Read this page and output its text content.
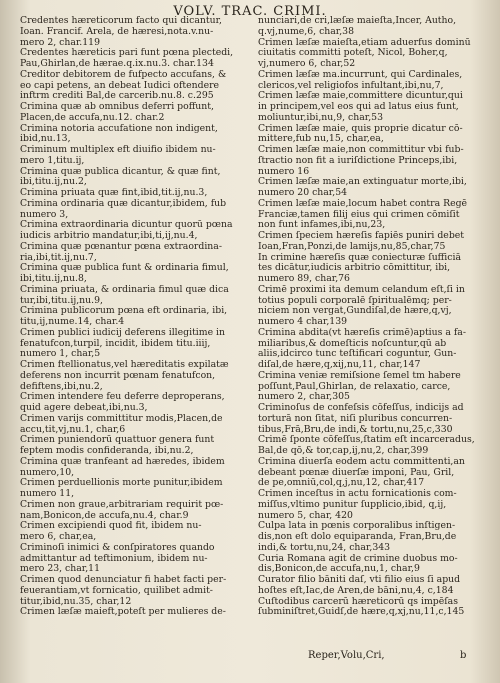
VOLV. TRAC. CRIMI.
Credentes hæreticorum facto qui dicantur,
Ioan. Francif. Arela, de hæresi,nota.v.nu-
mero 2, char.119
Credentes hæreticis pari funt pœna plectedi,
Pau,Ghirlan,de hærae.q.ix.nu.3. char.134
Creditor debitorem de fufpecto accufans, &
eo capi petens, an debeat Iudici oftendere
inftrm crediti Bal,de carcerib.nu.8. c.295
Crimina quæ ab omnibus deferri poffunt,
Placen,de accufa,nu.12. char.2
Crimina notoria accufatione non indigent,
ibid,nu.13,
Criminum multiplex eft diuifio ibidem nu-
mero 1,titu.ij,
Crimina quæ publica dicantur, & quæ fint,
ibi,titu.ij,nu.2,
Crimina priuata quæ fint,ibid,tit.ij,nu.3,
Crimina ordinaria quæ dicantur,ibidem, fub
numero 3,
Crimina extraordinaria dicuntur quorū pœna
iudicis arbitrio mandatur,ibi,ti,ij,nu.4,
Crimina quæ pœnantur pœna extraordina-
ria,ibi,tit.ij,nu.7,
Crimina quæ publica funt & ordinaria fimul,
ibi,titu.ij,nu.8,
Crimina priuata, & ordinaria fimul quæ dica
tur,ibi,titu.ij,nu.9,
Crimina publicorum pœna eft ordinaria, ibi,
titu,ij,nume.14, char.4
Crimen publici iudicij deferens illegitime in
fenatufcon,turpil, incidit, ibidem titu.iiij,
numero 1, char,5
Crimen ftellionatus,vel hæreditatis expilatæ
deferens non incurrit pœnam fenatufcon,
defiftens,ibi,nu.2,
Crimen intendere feu deferre deproperans,
quid agere debeat,ibi,nu.3,
Crimen varijs committitur modis,Placen,de
accu,tit,vj,nu.1, char,6
Crimen puniendorū quattuor genera funt
feptem modis confideranda, ibi,nu.2,
Crimina quæ tranfeant ad hæredes, ibidem
numero,10,
Crimen perduellionis morte punitur,ibidem
numero 11,
Crimen non graue,arbitrariam requirit pœ-
nam,Bonicon,de accufa,nu.4, char.9
Crimen excipiendi quod fit, ibidem nu-
mero 6, char,ea,
Criminoſi inimici & conſpiratores quando
admittantur ad teftimonium, ibidem nu-
mero 23, char,11
Crimen quod denunciatur fi habet facti per-
feuerantiam,vt fornicatio, quilibet admit-
titur,ibid,nu.35, char,12
Crimen læſæ maieft,poteſt per mulieres de-
nunciari,de cri,læſæ maieſta,Incer, Autho,
q.vj,nume,6, char,38
Crimen læſæ maieſta,etiam aduerfus dominū
ciuitatis committi poteſt, Nicol, Boher,q,
vj,numero 6, char,52
Crimen læſæ ma.incurrunt, qui Cardinales,
clericos,vel religiofos infultant,ibi,nu,7,
Crimen læſæ maie,committere dicuntur,qui
in principem,vel eos qui ad latus eius funt,
moliuntur,ibi,nu,9, char,53
Crimen læſæ maie, quis proprie dicatur cō-
mittere,fub nu,15, char,ea,
Crimen læſæ maie,non committitur vbi fub-
ſtractio non fit a iuriſdictione Princeps,ibi,
numero 16
Crimen læſæ maie,an extinguatur morte,ibi,
numero 20 char,54
Crimen læſæ maie,locum habet contra Regē
Franciæ,tamen filij eius qui crimen cōmiſit
non funt infames,ibi,nu,23,
Crimen ſpeciem hæreſis fapiēs puniri debet
Ioan,Fran,Ponzi,de lamijs,nu,85,char,75
In crimine hæreſis quæ coniecturæ ſufficiā
tes dicātur,iudicis arbitrio cōmittitur, ibi,
numero 89, char,76
Crimē proximi ita demum celandum eſt,ſi in
totius populi corporalē ſpiritualēmq; per-
niciem non vergat,Gundiſal,de hære,q,vj,
numero 4 char,139
Crimina abdita(vt hæreſis crimē)aptius a fa-
miliaribus,& domeſticis noſcuntur,qū ab
aliis,idcirco tunc teſtificari coguntur, Gun-
diſal,de hære,q,xij,nu,11, char,147
Crimina veniæ remiſsione ſemel tm habere
poſſunt,Paul,Ghirlan, de relaxatio, carce,
numero 2, char,305
Criminoſus de confeſsis cōfeſſus, indicijs ad
torturā non ſitat, niſi pluribus concurren-
tibus,Frā,Bru,de indi,& tortu,nu,25,c,330
Crimē ſponte cōfeſſus,ſtatim eſt incarceradus,
Bal,de qō,& tor,cap,ij,nu,2, char,399
Crimina diuerſa eodem actu committenti,an
debeant pœnæ diuerſæ imponi, Pau, Gril,
de pe,omniū,col,q,j,nu,12, char,417
Crimen inceſtus in actu fornicationis com-
miſſus,vltimo punitur ſupplicio,ibid, q,ij,
numero 5, char, 420
Culpa lata in pœnis corporalibus inſtigen-
dis,non eſt dolo equiparanda, Fran,Bru,de
indi,& tortu,nu,24, char,343
Curia Romana agit de crimine duobus mo-
dis,Bonicon,de accufa,nu,1, char,9
Curator filio bāniti daſ, vti filio eius ſi apud
hoſtes eſt,Iac,de Aren,de bāni,nu,4, c,184
Cuſtodibus carcerū hæreticorū qs impēſas
ſubminiſtret,Guidſ,de hære,q,xj,nu,11,c,145
Reper,Volu,Cri,	b
